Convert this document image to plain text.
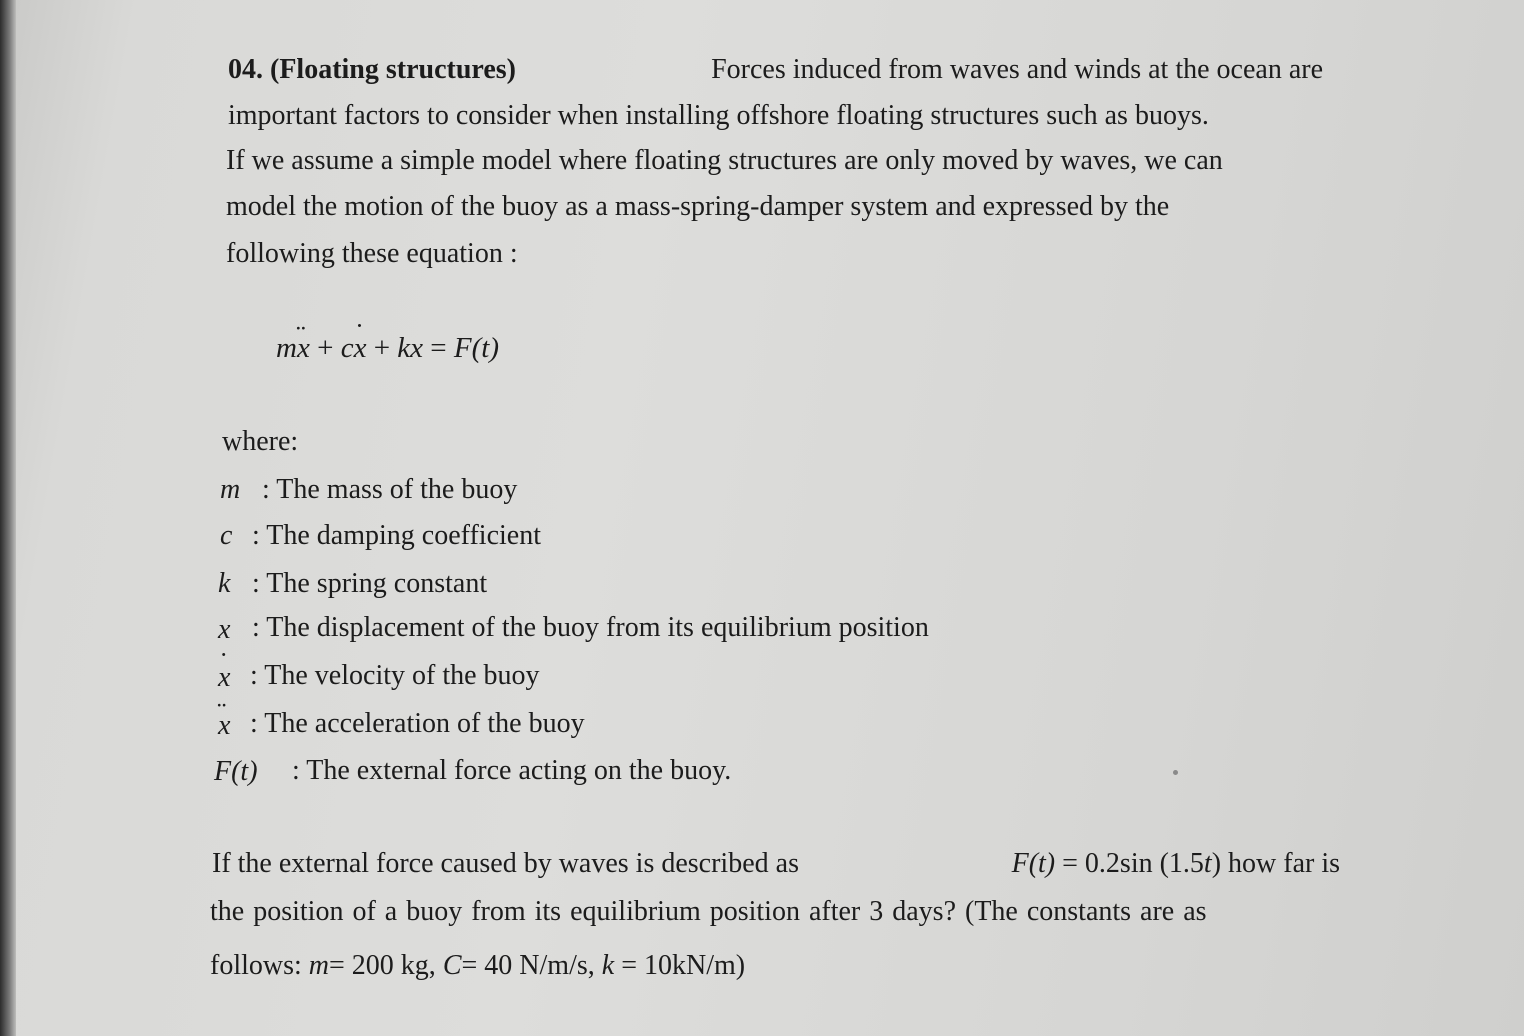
04. (Floating structures)	Forces induced from waves and winds at the ocean are
important factors to consider when installing offshore floating structures such as buoys.
If we assume a simple model where floating structures are only moved by waves, we can
model the motion of the buoy as a mass-spring-damper system and expressed by the
following these equation :
m¨ x + c˙ x + kx = F(t)
where:
m : The mass of the buoy
c : The damping coefficient
k : The spring constant
x : The displacement of the buoy from its equilibrium position
˙ x : The velocity of the buoy
¨ x : The acceleration of the buoy
F(t) : The external force acting on the buoy.
If the external force caused by waves is described as	F(t) = 0.2sin (1.5t) how far is
the position of a buoy from its equilibrium position after 3 days? (The constants are as
follows: m= 200 kg, C= 40 N/m/s, k = 10kN/m)
